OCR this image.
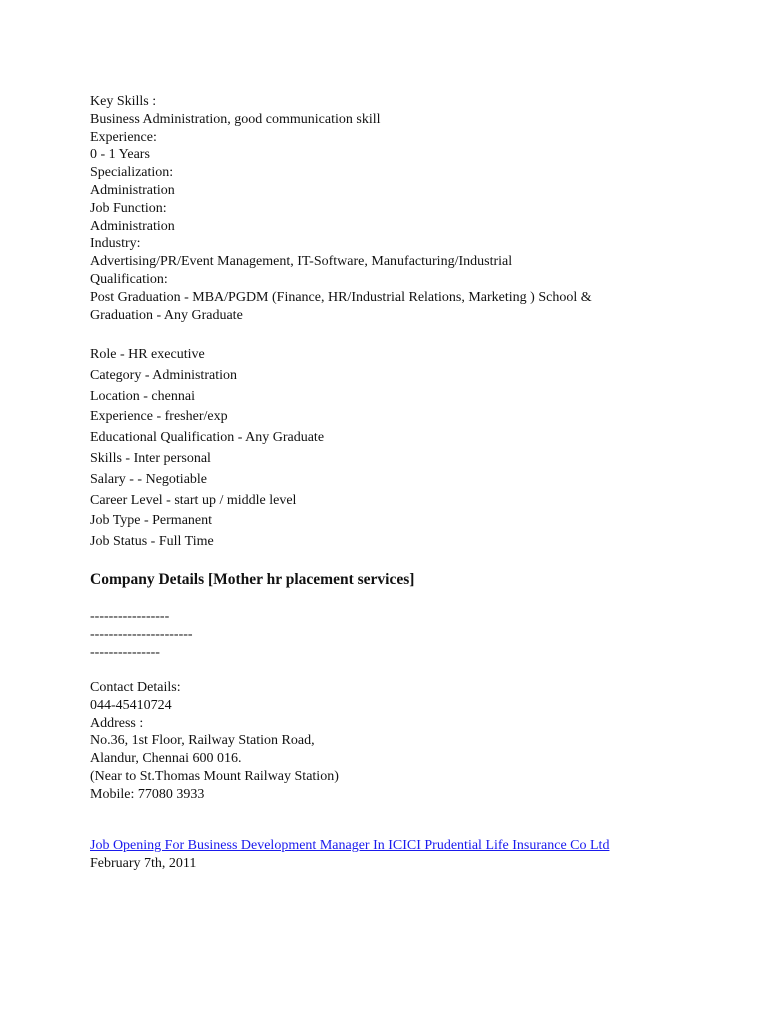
Key Skills :
Business Administration, good communication skill
Experience:
0 - 1 Years
Specialization:
Administration
Job Function:
Administration
Industry:
Advertising/PR/Event Management, IT-Software, Manufacturing/Industrial
Qualification:
Post Graduation - MBA/PGDM (Finance, HR/Industrial Relations, Marketing ) School & Graduation - Any Graduate
Role - HR executive
Category - Administration
Location - chennai
Experience - fresher/exp
Educational Qualification - Any Graduate
Skills - Inter personal
Salary - - Negotiable
Career Level - start up / middle level
Job Type - Permanent
Job Status - Full Time
Company Details [Mother hr placement services]
-----------------
----------------------
---------------
Contact Details:
044-45410724
Address :
No.36, 1st Floor, Railway Station Road,
Alandur, Chennai 600 016.
(Near to St.Thomas Mount Railway Station)
Mobile: 77080 3933
Job Opening For Business Development Manager In ICICI Prudential Life Insurance Co Ltd
February 7th, 2011
